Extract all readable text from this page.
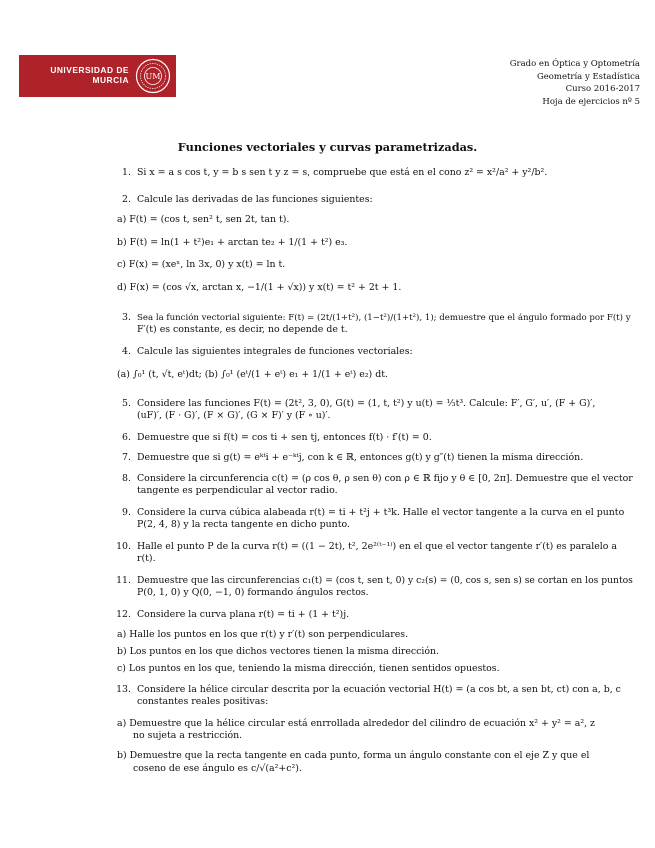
UNIVERSIDAD DE
MURCIA UM
Grado en Óptica y Optometría
Geometría y Estadística
Curso 2016-2017
Hoja de ejercicios nº 5
Funciones vectoriales y curvas parametrizadas.
1. Si x = a s cos t, y = b s sen t y z = s, compruebe que está en el cono z² = x²/a² + y²/b².
2. Calcule las derivadas de las funciones siguientes:
a) F(t) = (cos t, sen² t, sen 2t, tan t).
b) F(t) = ln(1 + t²)e₁ + arctan te₂ + 1/(1 + t²) e₃.
c) F(x) = (xeˣ, ln 3x, 0) y x(t) = ln t.
d) F(x) = (cos √x, arctan x, −1/(1 + √x)) y x(t) = t² + 2t + 1.
3. Sea la función vectorial siguiente: F(t) = (2t/(1+t²), (1−t²)/(1+t²), 1); demuestre que el ángulo formado por F(t) y
F′(t) es constante, es decir, no depende de t.
4. Calcule las siguientes integrales de funciones vectoriales:
(a) ∫₀¹ (t, √t, eᵗ)dt; (b) ∫₀¹ (eᵗ/(1 + eᵗ) e₁ + 1/(1 + eᵗ) e₂) dt.
5. Considere las funciones F(t) = (2t², 3, 0), G(t) = (1, t, t²) y u(t) = ⅓t³. Calcule: F′, G′, u′, (F + G)′,
(uF)′, (F · G)′, (F × G)′, (G × F)′ y (F ∘ u)′.
6. Demuestre que si f(t) = cos ti + sen tj, entonces f(t) · f′(t) = 0.
7. Demuestre que si g(t) = eᵏᵗi + e⁻ᵏᵗj, con k ∈ ℝ, entonces g(t) y g″(t) tienen la misma dirección.
8. Considere la circunferencia c(t) = (ρ cos θ, ρ sen θ) con ρ ∈ ℝ fijo y θ ∈ [0, 2π]. Demuestre que el vector
tangente es perpendicular al vector radio.
9. Considere la curva cúbica alabeada r(t) = ti + t²j + t³k. Halle el vector tangente a la curva en el punto
P(2, 4, 8) y la recta tangente en dicho punto.
10. Halle el punto P de la curva r(t) = ((1 − 2t), t², 2e²⁽ᵗ⁻¹⁾) en el que el vector tangente r′(t) es paralelo a
r(t).
11. Demuestre que las circunferencias c₁(t) = (cos t, sen t, 0) y c₂(s) = (0, cos s, sen s) se cortan en los puntos
P(0, 1, 0) y Q(0, −1, 0) formando ángulos rectos.
12. Considere la curva plana r(t) = ti + (1 + t²)j.
a) Halle los puntos en los que r(t) y r′(t) son perpendiculares.
b) Los puntos en los que dichos vectores tienen la misma dirección.
c) Los puntos en los que, teniendo la misma dirección, tienen sentidos opuestos.
13. Considere la hélice circular descrita por la ecuación vectorial H(t) = (a cos bt, a sen bt, ct) con a, b, c
constantes reales positivas:
a) Demuestre que la hélice circular está enrrollada alrededor del cilindro de ecuación x² + y² = a², z
no sujeta a restricción.
b) Demuestre que la recta tangente en cada punto, forma un ángulo constante con el eje Z y que el
coseno de ese ángulo es c/√(a²+c²).
